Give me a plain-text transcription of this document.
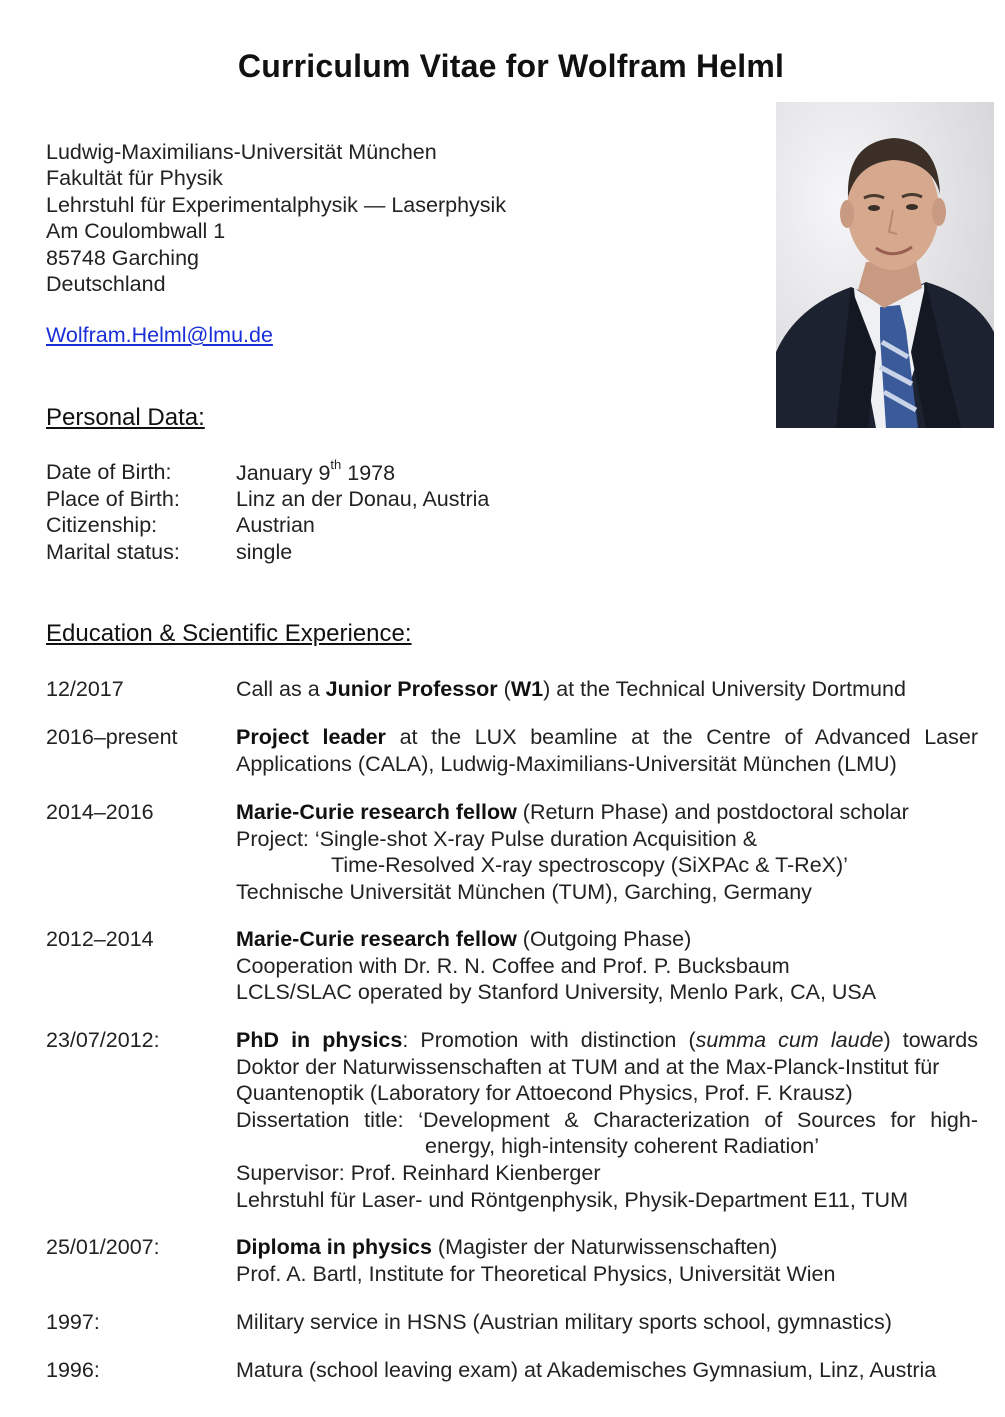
Curriculum Vitae for Wolfram Helml
Ludwig-Maximilians-Universität München
Fakultät für Physik
Lehrstuhl für Experimentalphysik — Laserphysik
Am Coulombwall 1
85748 Garching
Deutschland
Wolfram.Helml@lmu.de
Personal Data:
Date of Birth:	January 9th 1978
Place of Birth:	Linz an der Donau, Austria
Citizenship:	Austrian
Marital status:	single
Education & Scientific Experience:
12/2017	Call as a Junior Professor (W1) at the Technical University Dortmund
2016–present	Project leader at the LUX beamline at the Centre of Advanced Laser
Applications (CALA), Ludwig-Maximilians-Universität München (LMU)
2014–2016	Marie-Curie research fellow (Return Phase) and postdoctoral scholar
Project: ‘Single-shot X-ray Pulse duration Acquisition &
Time-Resolved X-ray spectroscopy (SiXPAc & T-ReX)’
Technische Universität München (TUM), Garching, Germany
2012–2014	Marie-Curie research fellow (Outgoing Phase)
Cooperation with Dr. R. N. Coffee and Prof. P. Bucksbaum
LCLS/SLAC operated by Stanford University, Menlo Park, CA, USA
23/07/2012:	PhD in physics: Promotion with distinction (summa cum laude) towards
Doktor der Naturwissenschaften at TUM and at the Max-Planck-Institut für
Quantenoptik (Laboratory for Attoecond Physics, Prof. F. Krausz)
Dissertation title: ‘Development & Characterization of Sources for high-
energy, high-intensity coherent Radiation’
Supervisor: Prof. Reinhard Kienberger
Lehrstuhl für Laser- und Röntgenphysik, Physik-Department E11, TUM
25/01/2007:	Diploma in physics (Magister der Naturwissenschaften)
Prof. A. Bartl, Institute for Theoretical Physics, Universität Wien
1997:	Military service in HSNS (Austrian military sports school, gymnastics)
1996:	Matura (school leaving exam) at Akademisches Gymnasium, Linz, Austria
